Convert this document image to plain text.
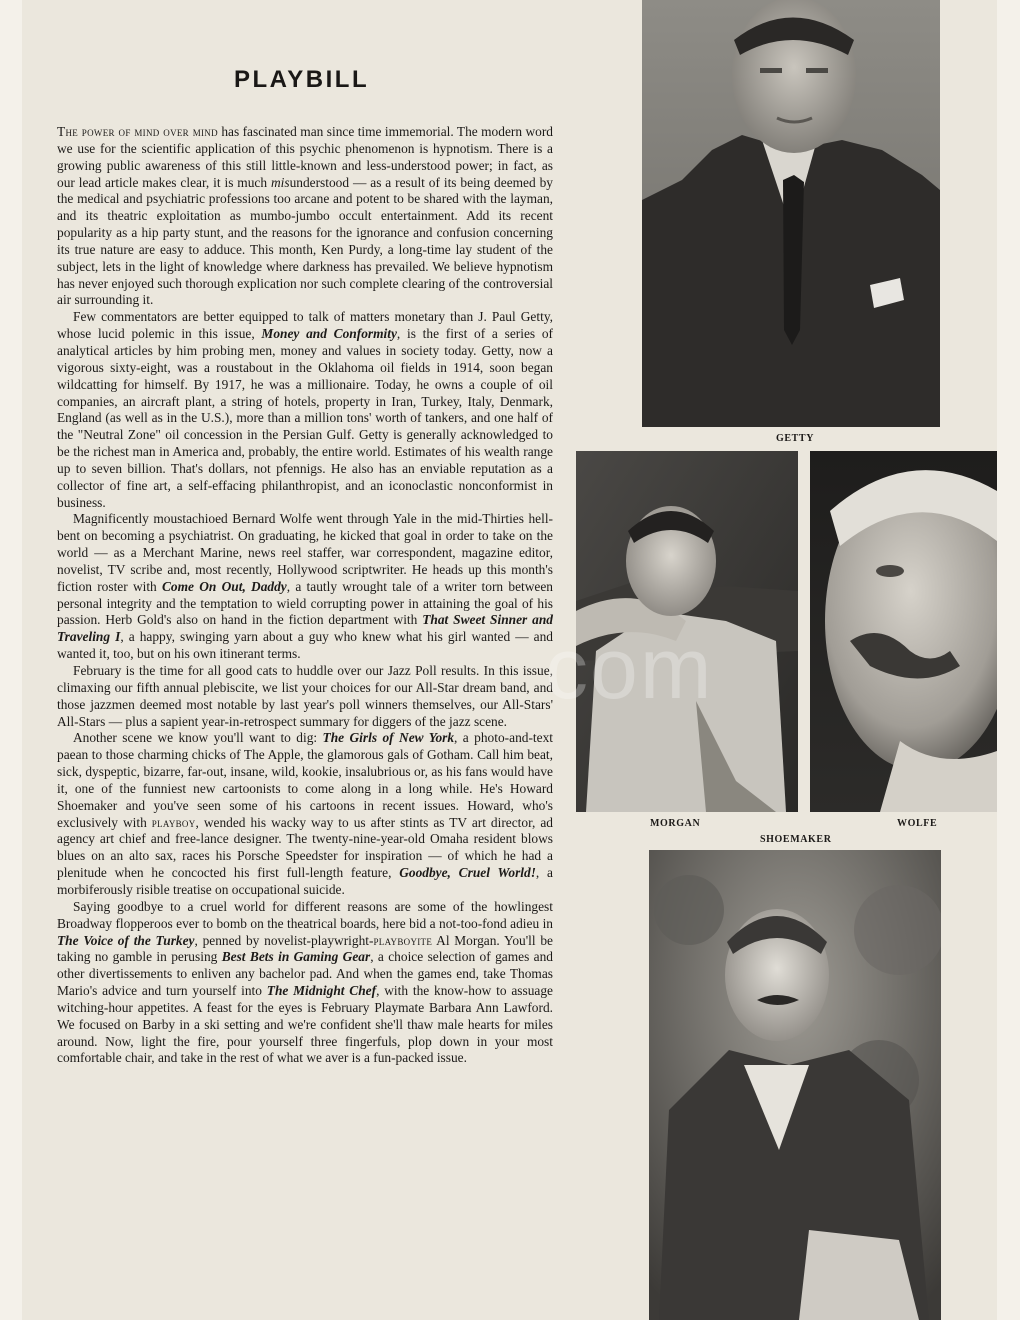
PLAYBILL

The power of mind over mind has fascinated man since time immemorial. The modern word we use for the scientific application of this psychic phenomenon is hypnotism. There is a growing public awareness of this still little-known and less-understood power; in fact, as our lead article makes clear, it is much misunderstood — as a result of its being deemed by the medical and psychiatric professions too arcane and potent to be shared with the layman, and its theatric exploitation as mumbo-jumbo occult entertainment. Add its recent popularity as a hip party stunt, and the reasons for the ignorance and confusion concerning its true nature are easy to adduce. This month, Ken Purdy, a long-time lay student of the subject, lets in the light of knowledge where darkness has prevailed. We believe hypnotism has never enjoyed such thorough explication nor such complete clearing of the controversial air surrounding it.

Few commentators are better equipped to talk of matters monetary than J. Paul Getty, whose lucid polemic in this issue, Money and Conformity, is the first of a series of analytical articles by him probing men, money and values in society today. Getty, now a vigorous sixty-eight, was a roustabout in the Oklahoma oil fields in 1914, soon began wildcatting for himself. By 1917, he was a millionaire. Today, he owns a couple of oil companies, an aircraft plant, a string of hotels, property in Iran, Turkey, Italy, Denmark, England (as well as in the U.S.), more than a million tons' worth of tankers, and one half of the "Neutral Zone" oil concession in the Persian Gulf. Getty is generally acknowledged to be the richest man in America and, probably, the entire world. Estimates of his wealth range up to seven billion. That's dollars, not pfennigs. He also has an enviable reputation as a collector of fine art, a self-effacing philanthropist, and an iconoclastic nonconformist in business.

Magnificently moustachioed Bernard Wolfe went through Yale in the mid-Thirties hell-bent on becoming a psychiatrist. On graduating, he kicked that goal in order to take on the world — as a Merchant Marine, news reel staffer, war correspondent, magazine editor, novelist, TV scribe and, most recently, Hollywood scriptwriter. He heads up this month's fiction roster with Come On Out, Daddy, a tautly wrought tale of a writer torn between personal integrity and the temptation to wield corrupting power in attaining the goal of his passion. Herb Gold's also on hand in the fiction department with That Sweet Sinner and Traveling I, a happy, swinging yarn about a guy who knew what his girl wanted — and wanted it, too, but on his own itinerant terms.

February is the time for all good cats to huddle over our Jazz Poll results. In this issue, climaxing our fifth annual plebiscite, we list your choices for our All-Star dream band, and those jazzmen deemed most notable by last year's poll winners themselves, our All-Stars' All-Stars — plus a sapient year-in-retrospect summary for diggers of the jazz scene.

Another scene we know you'll want to dig: The Girls of New York, a photo-and-text paean to those charming chicks of The Apple, the glamorous gals of Gotham. Call him beat, sick, dyspeptic, bizarre, far-out, insane, wild, kookie, insalubrious or, as his fans would have it, one of the funniest new cartoonists to come along in a long while. He's Howard Shoemaker and you've seen some of his cartoons in recent issues. Howard, who's exclusively with playboy, wended his wacky way to us after stints as TV art director, ad agency art chief and free-lance designer. The twenty-nine-year-old Omaha resident blows blues on an alto sax, races his Porsche Speedster for inspiration — of which he had a plenitude when he concocted his first full-length feature, Goodbye, Cruel World!, a morbiferously risible treatise on occupational suicide.

Saying goodbye to a cruel world for different reasons are some of the howlingest Broadway flopperoos ever to bomb on the theatrical boards, here bid a not-too-fond adieu in The Voice of the Turkey, penned by novelist-playwright-playboyite Al Morgan. You'll be taking no gamble in perusing Best Bets in Gaming Gear, a choice selection of games and other divertissements to enliven any bachelor pad. And when the games end, take Thomas Mario's advice and turn yourself into The Midnight Chef, with the know-how to assuage witching-hour appetites. A feast for the eyes is February Playmate Barbara Ann Lawford. We focused on Barby in a ski setting and we're confident she'll thaw male hearts for miles around. Now, light the fire, pour yourself three fingerfuls, plop down in your most comfortable chair, and take in the rest of what we aver is a fun-packed issue.

GETTY
MORGAN	WOLFE
SHOEMAKER
com
